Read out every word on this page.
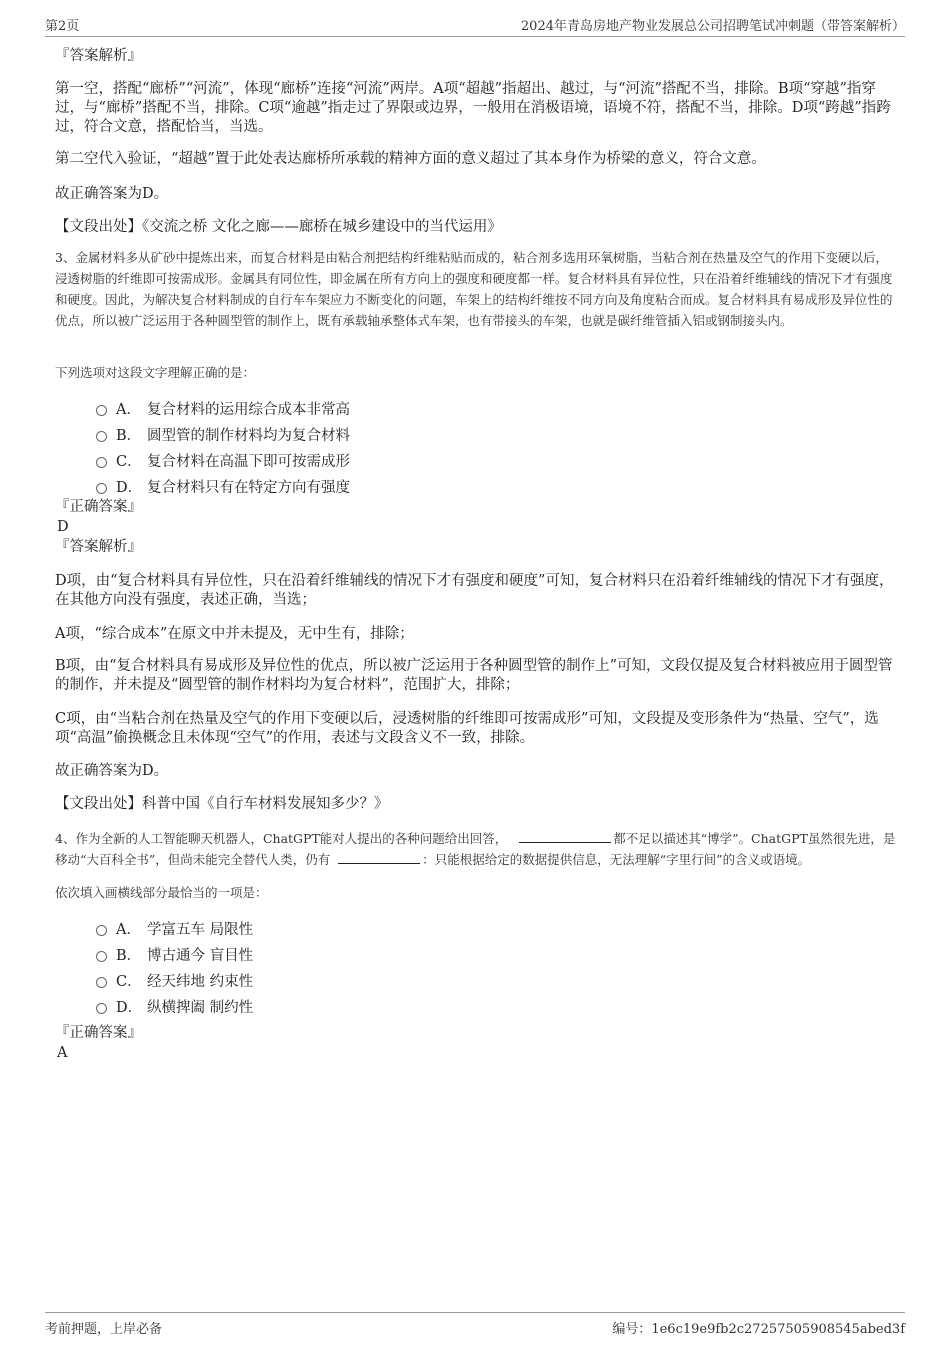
第2页	2024年青岛房地产物业发展总公司招聘笔试冲刺题（带答案解析）
『答案解析』
第一空，搭配“廊桥”“河流”，体现“廊桥”连接“河流”两岸。A项“超越”指超出、越过，与“河流”搭配不当，排除。B项“穿越”指穿过，与“廊桥”搭配不当，排除。C项“逾越”指走过了界限或边界，一般用在消极语境，语境不符，搭配不当，排除。D项“跨越”指跨过，符合文意，搭配恰当，当选。
第二空代入验证，“超越”置于此处表达廊桥所承载的精神方面的意义超过了其本身作为桥梁的意义，符合文意。
故正确答案为D。
【文段出处】《交流之桥 文化之廊——廊桥在城乡建设中的当代运用》
3、金属材料多从矿砂中提炼出来，而复合材料是由粘合剂把结构纤维粘贴而成的，粘合剂多选用环氧树脂，当粘合剂在热量及空气的作用下变硬以后，浸透树脂的纤维即可按需成形。金属具有同位性，即金属在所有方向上的强度和硬度都一样。复合材料具有异位性，只在沿着纤维辅线的情况下才有强度和硬度。因此，为解决复合材料制成的自行车车架应力不断变化的问题，车架上的结构纤维按不同方向及角度粘合而成。复合材料具有易成形及异位性的优点，所以被广泛运用于各种圆型管的制作上，既有承载轴承整体式车架，也有带接头的车架，也就是碳纤维管插入铝或钢制接头内。
下列选项对这段文字理解正确的是：
A． 复合材料的运用综合成本非常高
B． 圆型管的制作材料均为复合材料
C． 复合材料在高温下即可按需成形
D． 复合材料只有在特定方向有强度
『正确答案』
D
『答案解析』
D项，由“复合材料具有异位性，只在沿着纤维辅线的情况下才有强度和硬度”可知，复合材料只在沿着纤维辅线的情况下才有强度，在其他方向没有强度，表述正确，当选；
A项，“综合成本”在原文中并未提及，无中生有，排除；
B项，由“复合材料具有易成形及异位性的优点，所以被广泛运用于各种圆型管的制作上”可知，文段仅提及复合材料被应用于圆型管的制作，并未提及“圆型管的制作材料均为复合材料”，范围扩大，排除；
C项，由“当粘合剂在热量及空气的作用下变硬以后，浸透树脂的纤维即可按需成形”可知，文段提及变形条件为“热量、空气”，选项“高温”偷换概念且未体现“空气”的作用，表述与文段含义不一致，排除。
故正确答案为D。
【文段出处】科普中国《自行车材料发展知多少？》
4、作为全新的人工智能聊天机器人，ChatGPT能对人提出的各种问题给出回答，	都不足以描述其“博学”。ChatGPT虽然很先进，是移动“大百科全书”，但尚未能完全替代人类，仍有	：只能根据给定的数据提供信息，无法理解“字里行间”的含义或语境。
依次填入画横线部分最恰当的一项是：
A． 学富五车 局限性
B． 博古通今 盲目性
C． 经天纬地 约束性
D． 纵横捭阖 制约性
『正确答案』
A
考前押题，上岸必备	编号：1e6c19e9fb2c27257505908545abed3f
